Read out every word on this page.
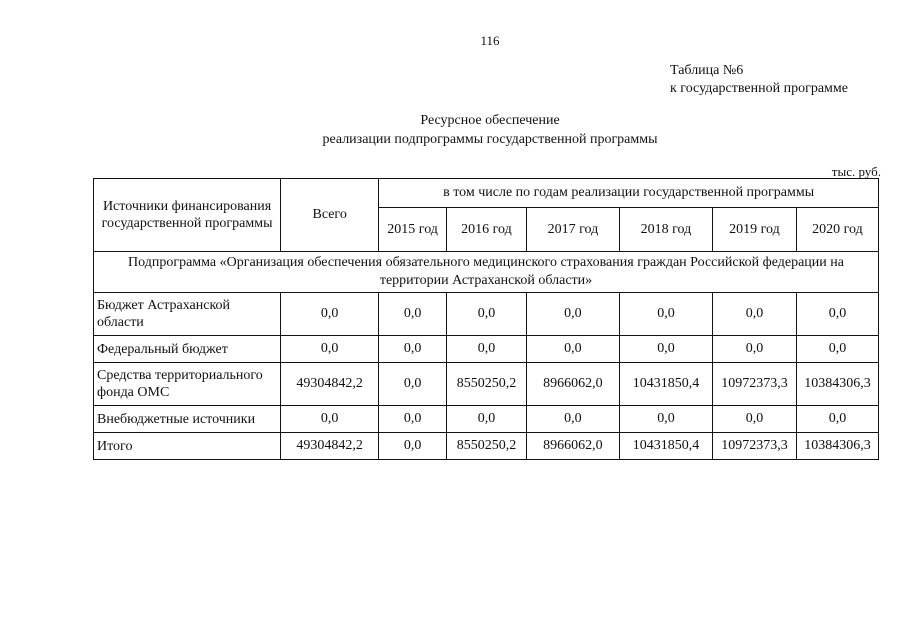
116
Таблица №6
к государственной программе
Ресурсное обеспечение
реализации подпрограммы государственной программы
тыс. руб.
Источники финансирования государственной программы	Всего	в том числе по годам реализации государственной программы					
		2015 год	2016 год	2017 год	2018 год	2019 год	2020 год
Подпрограмма «Организация обеспечения обязательного медицинского страхования граждан Российской федерации на территории Астраханской области»							
Бюджет Астраханской области	0,0	0,0	0,0	0,0	0,0	0,0	0,0
Федеральный бюджет	0,0	0,0	0,0	0,0	0,0	0,0	0,0
Средства территориального фонда ОМС	49304842,2	0,0	8550250,2	8966062,0	10431850,4	10972373,3	10384306,3
Внебюджетные источники	0,0	0,0	0,0	0,0	0,0	0,0	0,0
Итого	49304842,2	0,0	8550250,2	8966062,0	10431850,4	10972373,3	10384306,3
